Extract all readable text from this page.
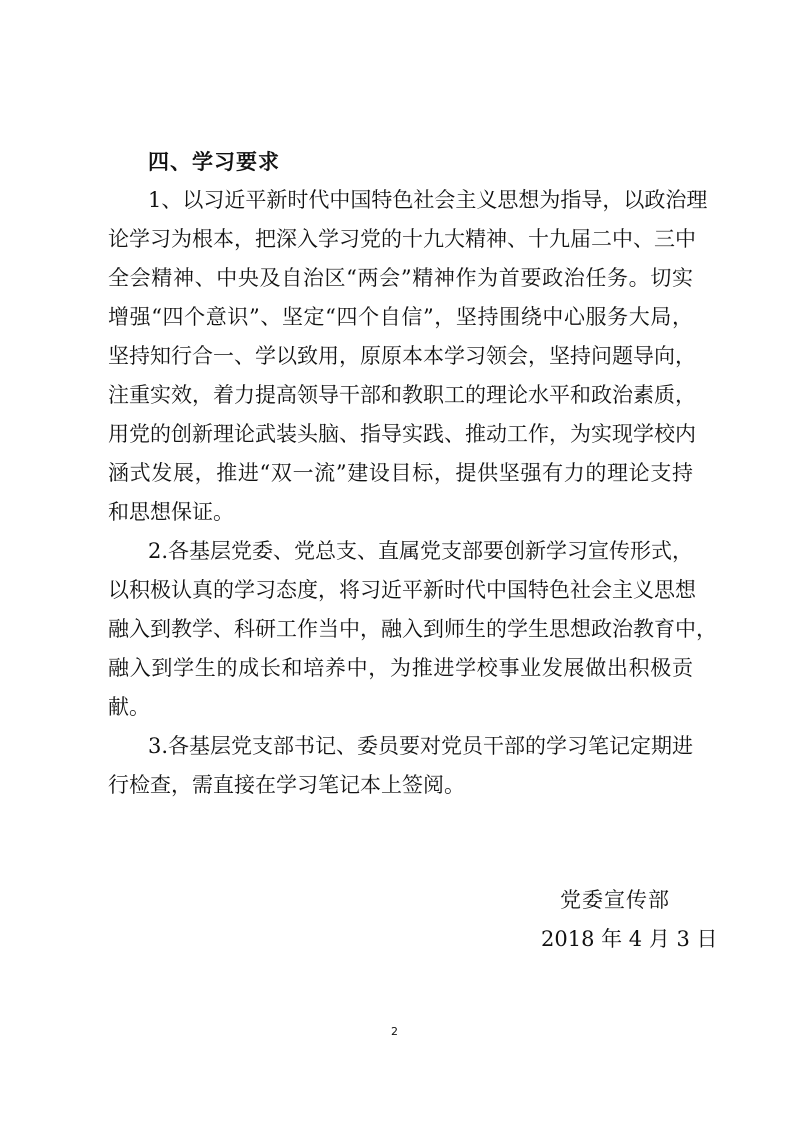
四、学习要求
1、以习近平新时代中国特色社会主义思想为指导，以政治理
论学习为根本，把深入学习党的十九大精神、十九届二中、三中
全会精神、中央及自治区“两会”精神作为首要政治任务。切实
增强“四个意识”、坚定“四个自信”，坚持围绕中心服务大局，
坚持知行合一、学以致用，原原本本学习领会，坚持问题导向，
注重实效，着力提高领导干部和教职工的理论水平和政治素质，
用党的创新理论武装头脑、指导实践、推动工作，为实现学校内
涵式发展，推进“双一流”建设目标，提供坚强有力的理论支持
和思想保证。
2.各基层党委、党总支、直属党支部要创新学习宣传形式，
以积极认真的学习态度，将习近平新时代中国特色社会主义思想
融入到教学、科研工作当中，融入到师生的学生思想政治教育中，
融入到学生的成长和培养中，为推进学校事业发展做出积极贡
献。
3.各基层党支部书记、委员要对党员干部的学习笔记定期进
行检查，需直接在学习笔记本上签阅。
党委宣传部
2018 年 4 月 3 日
2
